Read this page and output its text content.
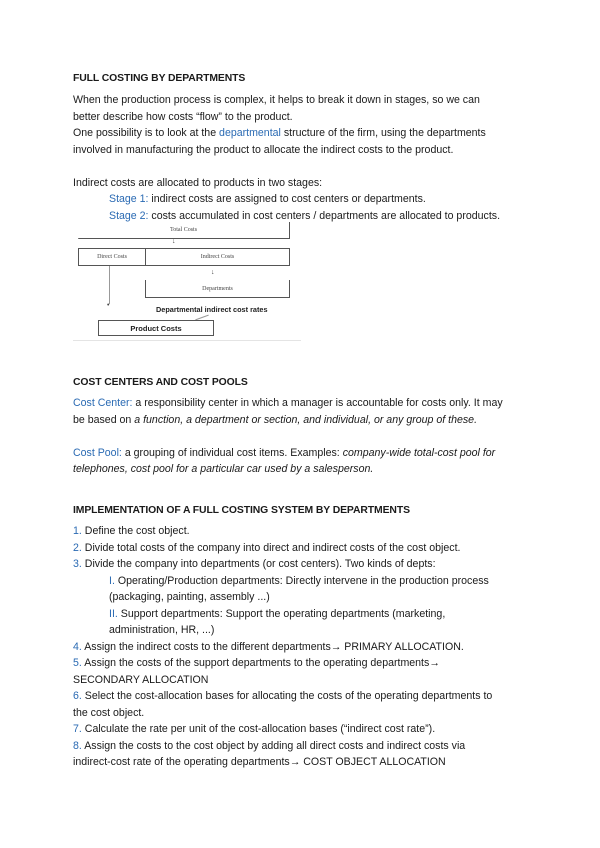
FULL COSTING BY DEPARTMENTS

When the production process is complex, it helps to break it down in stages, so we can

better describe how costs “flow” to the product.

One possibility is to look at the departmental structure of the firm, using the departments

involved in manufacturing the product to allocate the indirect costs to the product.

Indirect costs are allocated to products in two stages:

Stage 1: indirect costs are assigned to cost centers or departments.

Stage 2: costs accumulated in cost centers / departments are allocated to products.

Total Costs
↓
Direct Costs	Indirect Costs
↓
Departments
•	Departmental indirect cost rates
Product Costs

COST CENTERS AND COST POOLS

Cost Center: a responsibility center in which a manager is accountable for costs only. It may

be based on a function, a department or section, and individual, or any group of these.

Cost Pool: a grouping of individual cost items. Examples: company-wide total-cost pool for

telephones, cost pool for a particular car used by a salesperson.

IMPLEMENTATION OF A FULL COSTING SYSTEM BY DEPARTMENTS

1. Define the cost object.

2. Divide total costs of the company into direct and indirect costs of the cost object.

3. Divide the company into departments (or cost centers). Two kinds of depts:

I. Operating/Production departments: Directly intervene in the production process

(packaging, painting, assembly ...)

II. Support departments: Support the operating departments (marketing,

administration, HR, ...)

4. Assign the indirect costs to the different departments→ PRIMARY ALLOCATION.

5. Assign the costs of the support departments to the operating departments→

SECONDARY ALLOCATION

6. Select the cost-allocation bases for allocating the costs of the operating departments to

the cost object.

7. Calculate the rate per unit of the cost-allocation bases (“indirect cost rate”).

8. Assign the costs to the cost object by adding all direct costs and indirect costs via

indirect-cost rate of the operating departments→ COST OBJECT ALLOCATION
